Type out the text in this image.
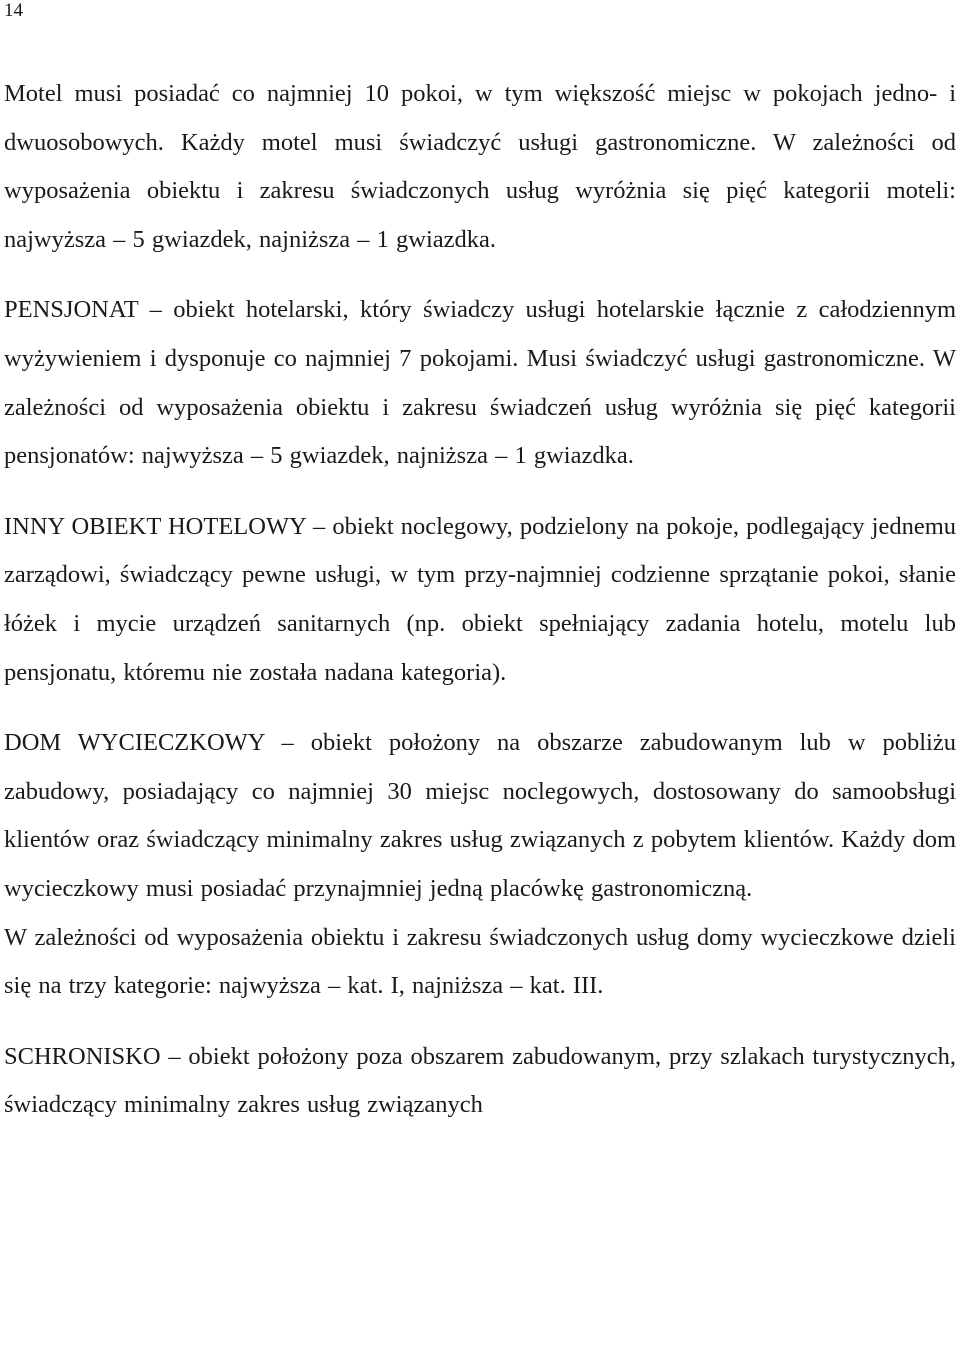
14

Motel musi posiadać co najmniej 10 pokoi, w tym większość miejsc w pokojach jedno- i dwuosobowych. Każdy motel musi świadczyć usługi gastronomiczne. W zależności od wyposażenia obiektu i zakresu świadczonych usług wyróżnia się pięć kategorii moteli: najwyższa – 5 gwiazdek, najniższa – 1 gwiazdka.

PENSJONAT – obiekt hotelarski, który świadczy usługi hotelarskie łącznie z całodziennym wyżywieniem i dysponuje co najmniej 7 pokojami. Musi świadczyć usługi gastronomiczne. W zależności od wyposażenia obiektu i zakresu świadczeń usług wyróżnia się pięć kategorii pensjonatów: najwyższa – 5 gwiazdek, najniższa – 1 gwiazdka.

INNY OBIEKT HOTELOWY – obiekt noclegowy, podzielony na pokoje, podlegający jednemu zarządowi, świadczący pewne usługi, w tym przy-najmniej codzienne sprzątanie pokoi, słanie łóżek i mycie urządzeń sanitarnych (np. obiekt spełniający zadania hotelu, motelu lub pensjonatu, któremu nie została nadana kategoria).

DOM WYCIECZKOWY – obiekt położony na obszarze zabudowanym lub w pobliżu zabudowy, posiadający co najmniej 30 miejsc noclegowych, dostosowany do samoobsługi klientów oraz świadczący minimalny zakres usług związanych z pobytem klientów. Każdy dom wycieczkowy musi posiadać przynajmniej jedną placówkę gastronomiczną.

W zależności od wyposażenia obiektu i zakresu świadczonych usług domy wycieczkowe dzieli się na trzy kategorie: najwyższa – kat. I, najniższa – kat. III.

SCHRONISKO – obiekt położony poza obszarem zabudowanym, przy szlakach turystycznych, świadczący minimalny zakres usług związanych
